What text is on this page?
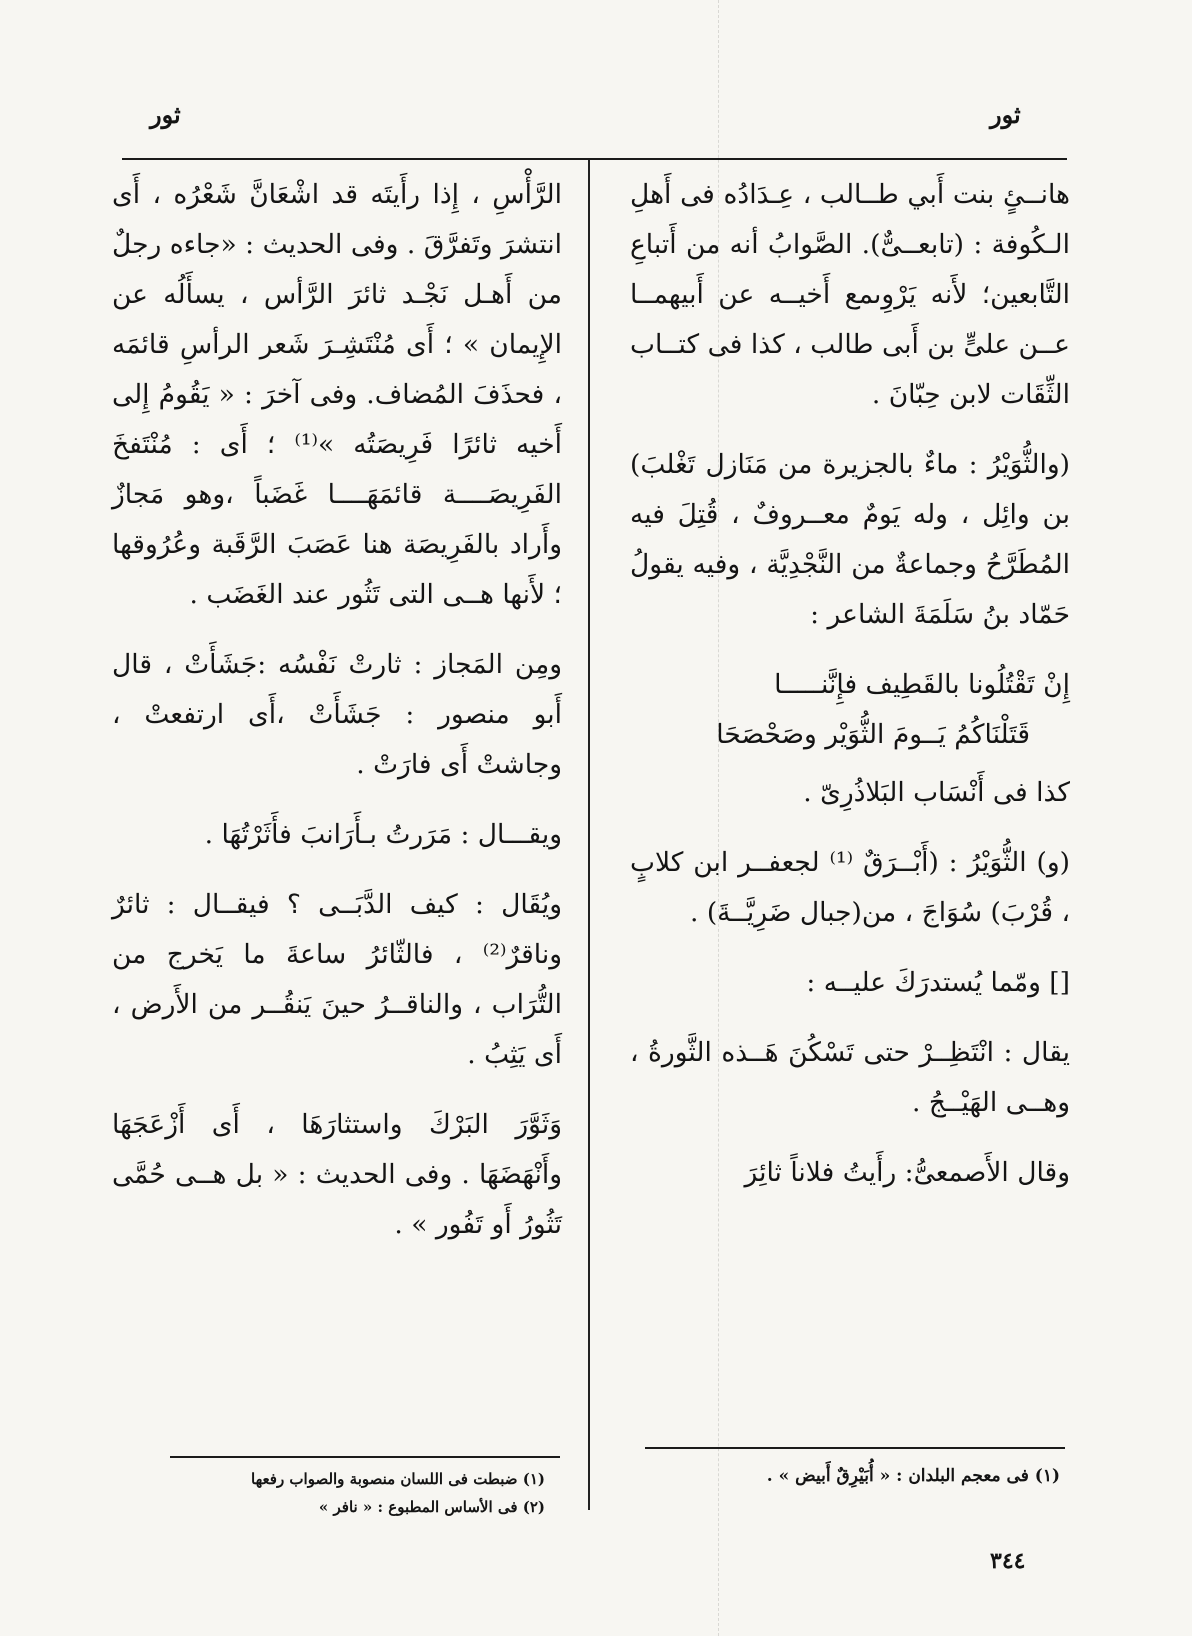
ثور
ثور

هانــئٍ بنت أَبي طــالب ، عِـدَادُه فى أَهلِ الـكُوفة : (تابعــىٌّ). الصَّوابُ أنه من أَتباعِ التَّابعين؛ لأَنه يَرْوِىمع أَخيــه عن أَبيهمــا عــن علىٍّ بن أَبى طالب ، كذا فى كتــاب الثِّقَات لابن حِبّانَ .

(والثُّوَيْرُ : ماءٌ بالجزيرة من مَنَازل تَغْلبَ) بن وائِل ، وله يَومٌ معــروفٌ ، قُتِلَ فيه المُطَرَّحُ وجماعةٌ من النَّجْدِيَّة ، وفيه يقولُ حَمّاد بنُ سَلَمَةَ الشاعر :

إِنْ تَقْتُلُونا بالقَطِيف فإِنَّنـــــا
قَتَلْنَاكُمُ يَــومَ الثُّوَيْر وصَحْصَحَا

كذا فى أَنْسَاب البَلاذُرِىّ .

(و) الثُّوَيْرُ : (أَبْــرَقٌ ⁽¹⁾ لجعفــر ابن كلابٍ ، قُرْبَ) سُوَاجَ ، من(جبال ضَرِيَّــةَ) .

[] ومّما يُستدرَكَ عليــه :

يقال : انْتَظِــرْ حتى تَسْكُنَ هَــذه الثَّورةُ ، وهــى الهَيْــجُ .

وقال الأَصمعىُّ: رأَيتُ فلاناً ثائِرَ

الرَّأْسِ ، إِذا رأَيتَه قد اشْعَانَّ شَعْرُه ، أَى انتشرَ وتَفرَّقَ . وفى الحديث : «جاءه رجلٌ من أَهـل نَجْـد ثائرَ الرَّأس ، يسأَلُه عن الإِيمان » ؛ أَى مُنْتَشِـرَ شَعر الرأسِ قائمَه ، فحذَفَ المُضاف. وفى آخرَ : « يَقُومُ إِلى أَخيه ثائرًا فَرِيصَتُه »⁽¹⁾ ؛ أَى : مُنْتَفخَ الفَرِيصَــــة قائمَهَــــا غَضَباً ،وهو مَجازٌ وأَراد بالفَرِيصَة هنا عَصَبَ الرَّقَبة وعُرُوقها ؛ لأَنها هــى التى تَثُور عند الغَضَب .

ومِن المَجاز : ثارتْ نَفْسُه :جَشَأَتْ ، قال أَبو منصور : جَشَأَتْ ،أَى ارتفعتْ ، وجاشتْ أَى فارَتْ .

ويقـــال : مَرَرتُ بـأَرَانبَ فأَثَرْتُهَا .

ويُقَال : كيف الدَّبَــى ؟ فيقــال : ثائرٌ وناقرٌ⁽²⁾ ، فالثّائرُ ساعةَ ما يَخرج من التُّرَاب ، والناقــرُ حينَ يَنقُــر من الأَرض ، أَى يَثِبُ .

وَثَوَّرَ البَرْكَ واستثارَهَا ، أَى أَزْعَجَهَا وأَنْهَضَهَا . وفى الحديث : « بل هــى حُمَّى تَثُورُ أَو تَفُور » .

(١) فى معجم البلدان : « أُبَيْرِقٌ أَبيض » .
(١) ضبطت فى اللسان منصوبة والصواب رفعها
(٢) فى الأساس المطبوع : « نافر »
٣٤٤
